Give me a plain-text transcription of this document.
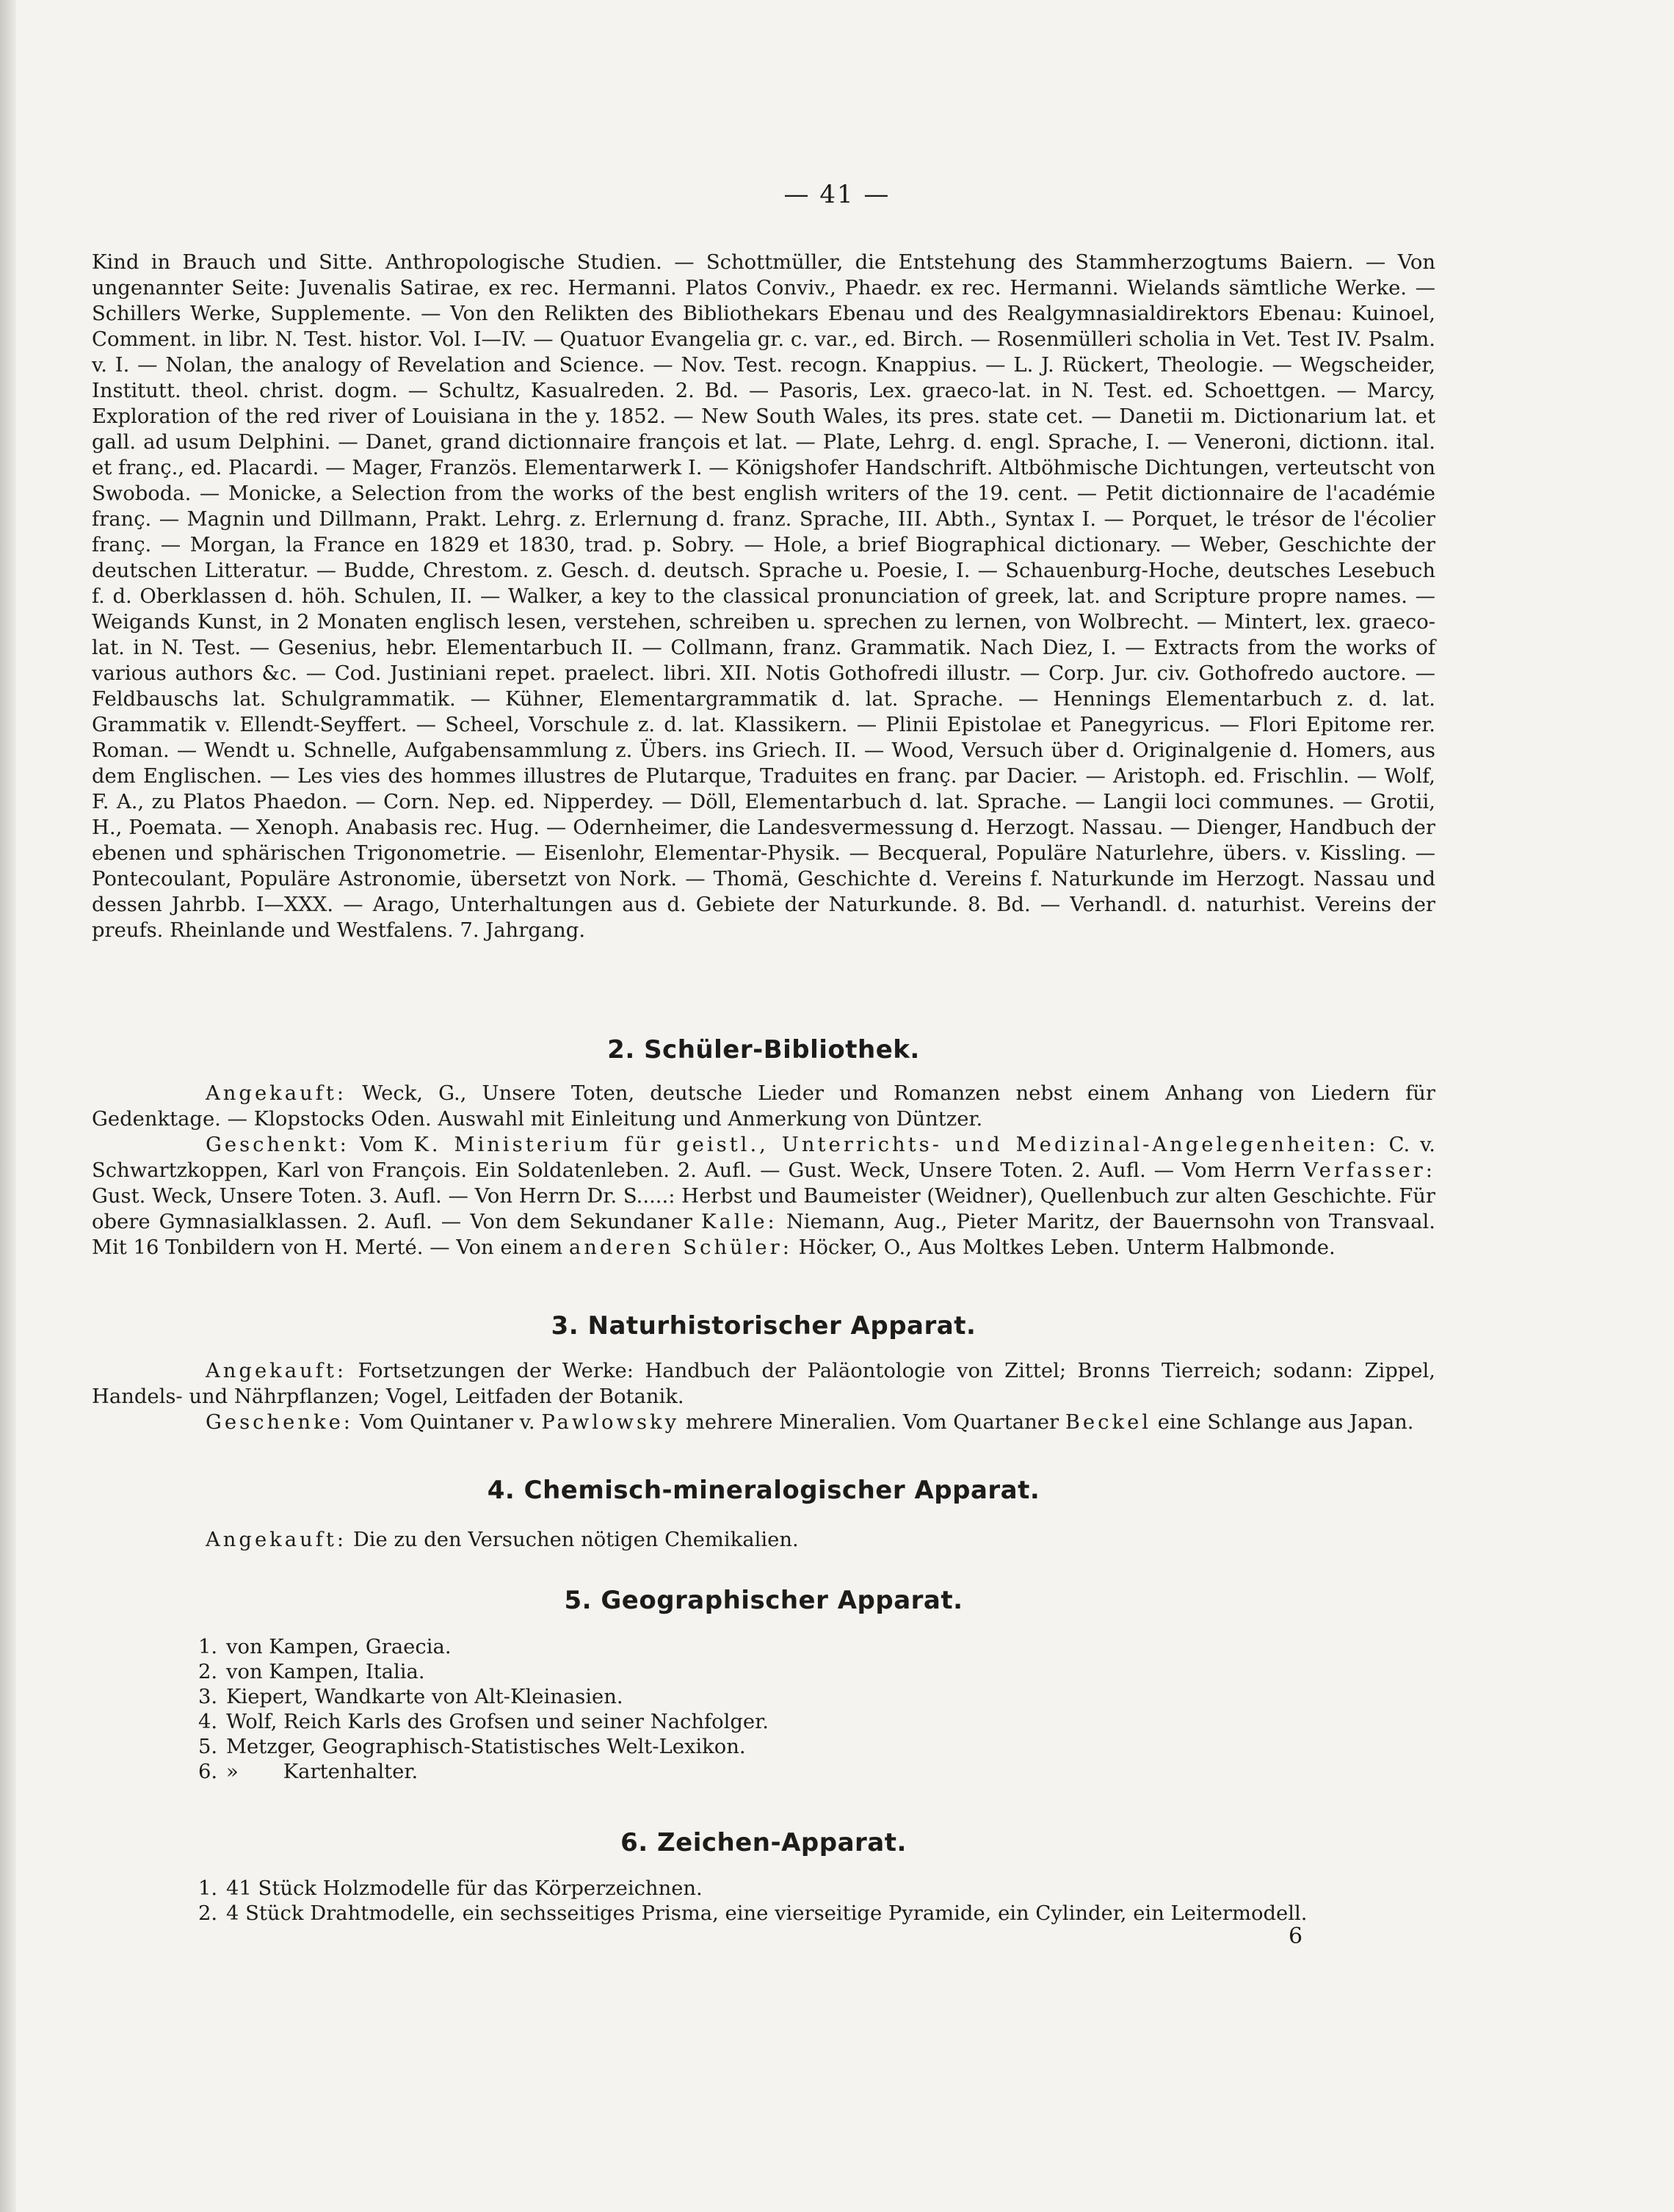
— 41 —

Kind in Brauch und Sitte. Anthropologische Studien. — Schottmüller, die Entstehung des Stammherzogtums Baiern. — Von ungenannter Seite: Juvenalis Satirae, ex rec. Hermanni. Platos Conviv., Phaedr. ex rec. Hermanni. Wielands sämtliche Werke. — Schillers Werke, Supplemente. — Von den Relikten des Bibliothekars Ebenau und des Realgymnasialdirektors Ebenau: Kuinoel, Comment. in libr. N. Test. histor. Vol. I—IV. — Quatuor Evangelia gr. c. var., ed. Birch. — Rosenmülleri scholia in Vet. Test IV. Psalm. v. I. — Nolan, the analogy of Revelation and Science. — Nov. Test. recogn. Knappius. — L. J. Rückert, Theologie. — Wegscheider, Institutt. theol. christ. dogm. — Schultz, Kasualreden. 2. Bd. — Pasoris, Lex. graeco-lat. in N. Test. ed. Schoettgen. — Marcy, Exploration of the red river of Louisiana in the y. 1852. — New South Wales, its pres. state cet. — Danetii m. Dictionarium lat. et gall. ad usum Delphini. — Danet, grand dictionnaire françois et lat. — Plate, Lehrg. d. engl. Sprache, I. — Veneroni, dictionn. ital. et franç., ed. Placardi. — Mager, Französ. Elementarwerk I. — Königshofer Handschrift. Altböhmische Dichtungen, verteutscht von Swoboda. — Monicke, a Selection from the works of the best english writers of the 19. cent. — Petit dictionnaire de l'académie franç. — Magnin und Dillmann, Prakt. Lehrg. z. Erlernung d. franz. Sprache, III. Abth., Syntax I. — Porquet, le trésor de l'écolier franç. — Morgan, la France en 1829 et 1830, trad. p. Sobry. — Hole, a brief Biographical dictionary. — Weber, Geschichte der deutschen Litteratur. — Budde, Chrestom. z. Gesch. d. deutsch. Sprache u. Poesie, I. — Schauenburg-Hoche, deutsches Lesebuch f. d. Oberklassen d. höh. Schulen, II. — Walker, a key to the classical pronunciation of greek, lat. and Scripture propre names. — Weigands Kunst, in 2 Monaten englisch lesen, verstehen, schreiben u. sprechen zu lernen, von Wolbrecht. — Mintert, lex. graeco-lat. in N. Test. — Gesenius, hebr. Elementarbuch II. — Collmann, franz. Grammatik. Nach Diez, I. — Extracts from the works of various authors &c. — Cod. Justiniani repet. praelect. libri. XII. Notis Gothofredi illustr. — Corp. Jur. civ. Gothofredo auctore. — Feldbauschs lat. Schulgrammatik. — Kühner, Elementargrammatik d. lat. Sprache. — Hennings Elementarbuch z. d. lat. Grammatik v. Ellendt-Seyffert. — Scheel, Vorschule z. d. lat. Klassikern. — Plinii Epistolae et Panegyricus. — Flori Epitome rer. Roman. — Wendt u. Schnelle, Aufgabensammlung z. Übers. ins Griech. II. — Wood, Versuch über d. Originalgenie d. Homers, aus dem Englischen. — Les vies des hommes illustres de Plutarque, Traduites en franç. par Dacier. — Aristoph. ed. Frischlin. — Wolf, F. A., zu Platos Phaedon. — Corn. Nep. ed. Nipperdey. — Döll, Elementarbuch d. lat. Sprache. — Langii loci communes. — Grotii, H., Poemata. — Xenoph. Anabasis rec. Hug. — Odernheimer, die Landesvermessung d. Herzogt. Nassau. — Dienger, Handbuch der ebenen und sphärischen Trigonometrie. — Eisenlohr, Elementar-Physik. — Becqueral, Populäre Naturlehre, übers. v. Kissling. — Pontecoulant, Populäre Astronomie, übersetzt von Nork. — Thomä, Geschichte d. Vereins f. Naturkunde im Herzogt. Nassau und dessen Jahrbb. I—XXX. — Arago, Unterhaltungen aus d. Gebiete der Naturkunde. 8. Bd. — Verhandl. d. naturhist. Vereins der preufs. Rheinlande und Westfalens. 7. Jahrgang.

2. Schüler-Bibliothek.

Angekauft: Weck, G., Unsere Toten, deutsche Lieder und Romanzen nebst einem Anhang von Liedern für Gedenktage. — Klopstocks Oden. Auswahl mit Einleitung und Anmerkung von Düntzer.

Geschenkt: Vom K. Ministerium für geistl., Unterrichts- und Medizinal-Angelegenheiten: C. v. Schwartzkoppen, Karl von François. Ein Soldatenleben. 2. Aufl. — Gust. Weck, Unsere Toten. 2. Aufl. — Vom Herrn Verfasser: Gust. Weck, Unsere Toten. 3. Aufl. — Von Herrn Dr. S.....: Herbst und Baumeister (Weidner), Quellenbuch zur alten Geschichte. Für obere Gymnasialklassen. 2. Aufl. — Von dem Sekundaner Kalle: Niemann, Aug., Pieter Maritz, der Bauernsohn von Transvaal. Mit 16 Tonbildern von H. Merté. — Von einem anderen Schüler: Höcker, O., Aus Moltkes Leben. Unterm Halbmonde.

3. Naturhistorischer Apparat.

Angekauft: Fortsetzungen der Werke: Handbuch der Paläontologie von Zittel; Bronns Tierreich; sodann: Zippel, Handels- und Nährpflanzen; Vogel, Leitfaden der Botanik.

Geschenke: Vom Quintaner v. Pawlowsky mehrere Mineralien. Vom Quartaner Beckel eine Schlange aus Japan.

4. Chemisch-mineralogischer Apparat.

Angekauft: Die zu den Versuchen nötigen Chemikalien.

5. Geographischer Apparat.
1. von Kampen, Graecia.
2. von Kampen, Italia.
3. Kiepert, Wandkarte von Alt-Kleinasien.
4. Wolf, Reich Karls des Grofsen und seiner Nachfolger.
5. Metzger, Geographisch-Statistisches Welt-Lexikon.
6. »       Kartenhalter.
6. Zeichen-Apparat.
1. 41 Stück Holzmodelle für das Körperzeichnen.
2. 4 Stück Drahtmodelle, ein sechsseitiges Prisma, eine vierseitige Pyramide, ein Cylinder, ein Leitermodell.
6
